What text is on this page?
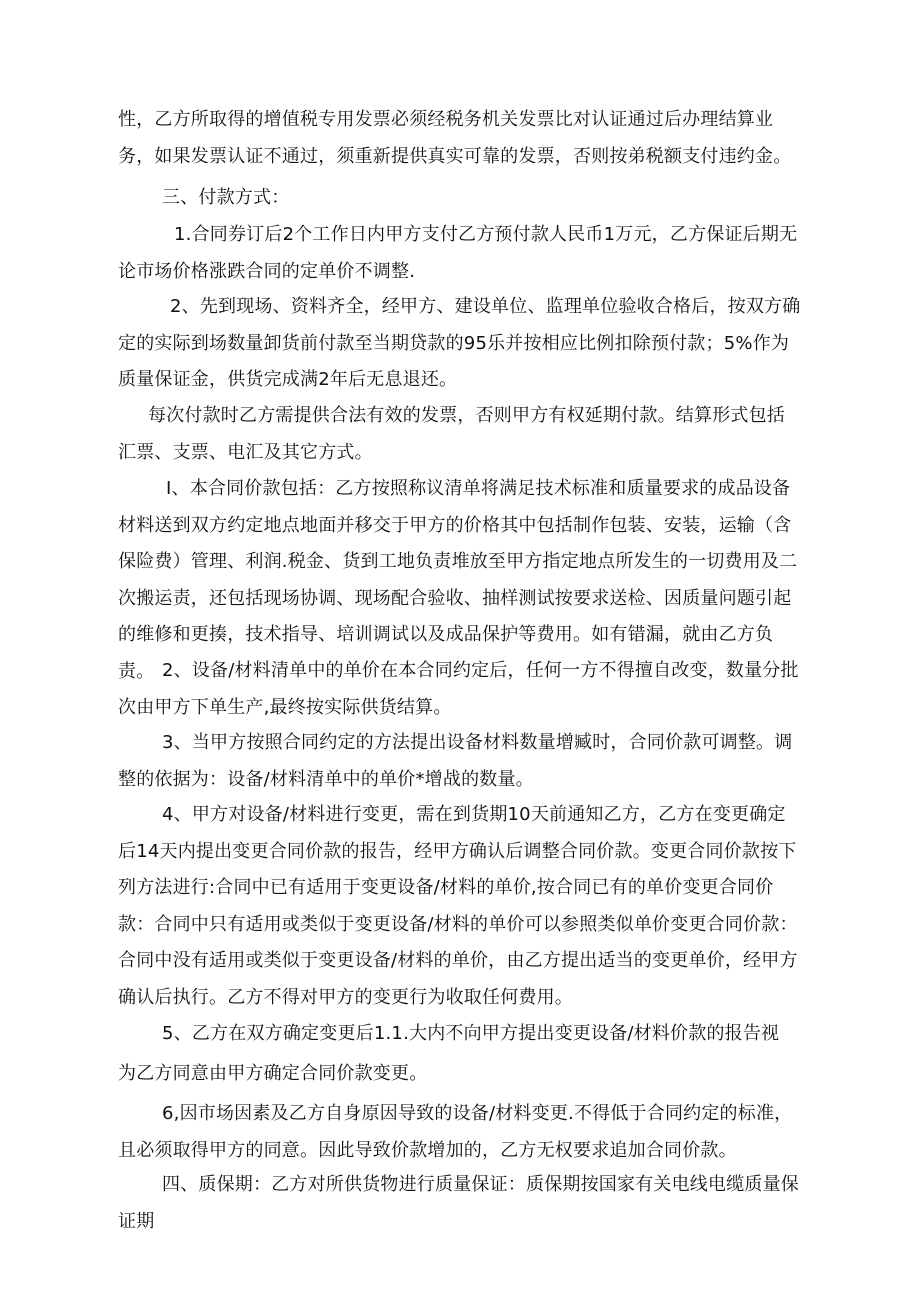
性，乙方所取得的增值税专用发票必须经税务机关发票比对认证通过后办理结算业务，如果发票认证不通过，须重新提供真实可靠的发票，否则按弟税额支付违约金。

三、付款方式：

1.合同券订后2个工作日内甲方支付乙方预付款人民币1万元，乙方保证后期无论市场价格涨跌合同的定单价不调整.

2、先到现场、资料齐全，经甲方、建设单位、监理单位验收合格后，按双方确定的实际到场数量卸货前付款至当期贷款的95乐并按相应比例扣除预付款；5%作为质量保证金，供货完成满2年后无息退还。

每次付款时乙方需提供合法有效的发票，否则甲方有权延期付款。结算形式包括汇票、支票、电汇及其它方式。

I、本合同价款包括：乙方按照称议清单将满足技术标准和质量要求的成品设备材料送到双方约定地点地面并移交于甲方的价格其中包括制作包装、安装，运输（含保险费）管理、利润.税金、货到工地负责堆放至甲方指定地点所发生的一切费用及二次搬运责，还包括现场协调、现场配合验收、抽样测试按要求送检、因质量问题引起的维修和更揍，技术指导、培训调试以及成品保护等费用。如有错漏，就由乙方负责。 2、设备/材料清单中的单价在本合同约定后，任何一方不得擅自改变，数量分批次由甲方下单生产,最终按实际供货结算。

3、当甲方按照合同约定的方法提出设备材料数量增臧时，合同价款可调整。调整的依据为：设备/材料清单中的单价*增战的数量。

4、甲方对设备/材料进行变更，需在到货期10天前通知乙方，乙方在变更确定后14天内提出变更合同价款的报告，经甲方确认后调整合同价款。变更合同价款按下列方法进行:合同中已有适用于变更设备/材料的单价,按合同已有的单价变更合同价款：合同中只有适用或类似于变更设备/材料的单价可以参照类似单价变更合同价款：合同中没有适用或类似于变更设备/材料的单价，由乙方提出适当的变更单价，经甲方确认后执行。乙方不得对甲方的变更行为收取任何费用。

5、乙方在双方确定变更后1.1.大内不向甲方提出变更设备/材料价款的报告视

为乙方同意由甲方确定合同价款变更。

6,因市场因素及乙方自身原因导致的设备/材料变更.不得低于合同约定的标准，且必须取得甲方的同意。因此导致价款增加的，乙方无权要求追加合同价款。

四、质保期：乙方对所供货物进行质量保证：质保期按国家有关电线电缆质量保证期
